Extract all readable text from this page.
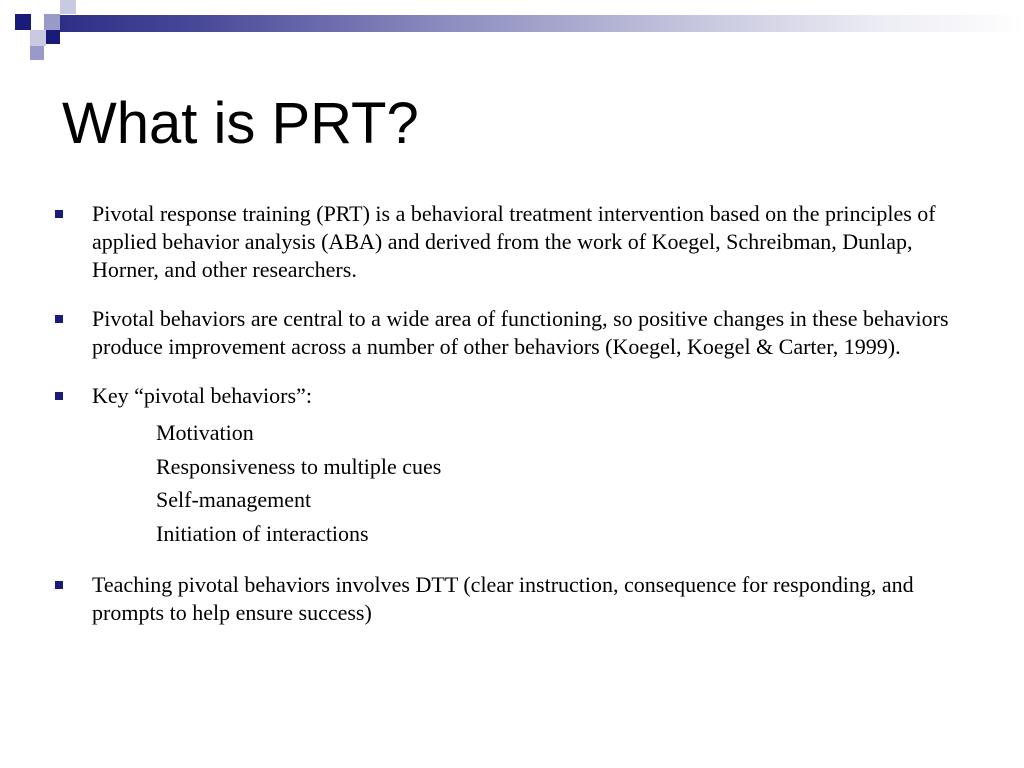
What is PRT?
Pivotal response training (PRT) is a behavioral treatment intervention based on the principles of applied behavior analysis (ABA) and derived from the work of Koegel, Schreibman, Dunlap, Horner, and other researchers.
Pivotal behaviors are central to a wide area of functioning, so positive changes in these behaviors produce improvement across a number of other behaviors (Koegel, Koegel & Carter, 1999).
Key “pivotal behaviors”:
Motivation
Responsiveness to multiple cues
Self-management
Initiation of interactions
Teaching pivotal behaviors involves DTT (clear instruction, consequence for responding, and prompts to help ensure success)
